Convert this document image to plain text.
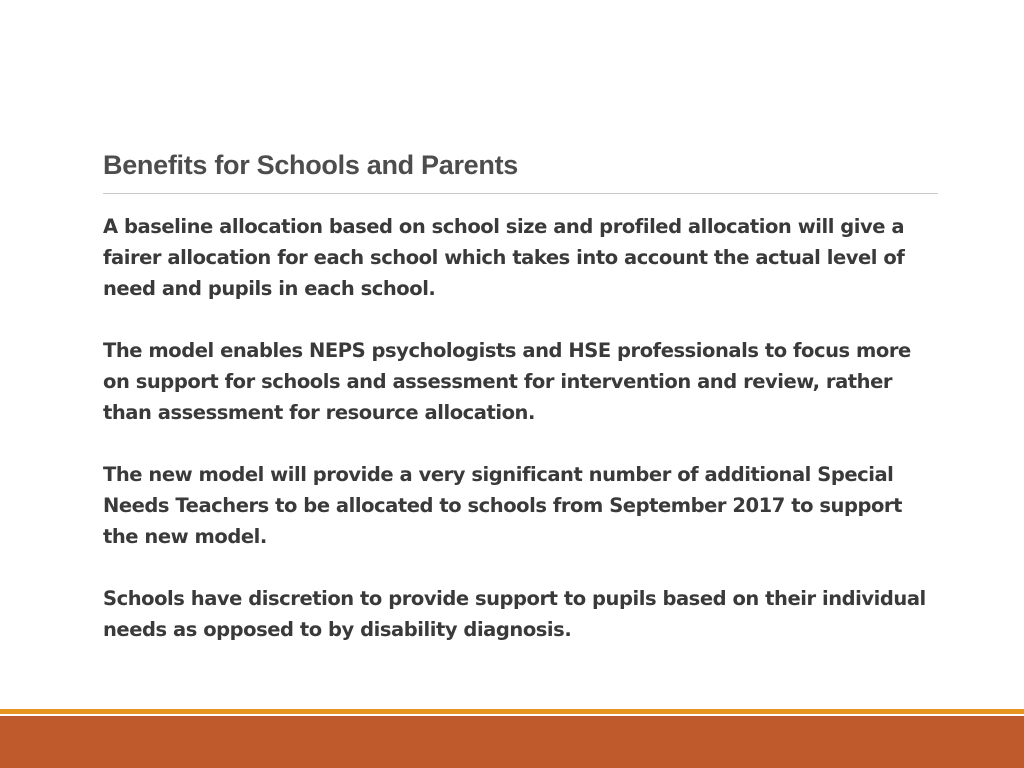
Benefits for Schools and Parents

A baseline allocation based on school size and profiled allocation will give a fairer allocation for each school which takes into account the actual level of need and pupils in each school.

The model enables NEPS psychologists and HSE professionals to focus more on support for schools and assessment for intervention and review, rather than assessment for resource allocation.

The new model will provide a very significant number of additional Special Needs Teachers to be allocated to schools from September 2017 to support the new model.

Schools have discretion to provide support to pupils based on their individual needs as opposed to by disability diagnosis.
